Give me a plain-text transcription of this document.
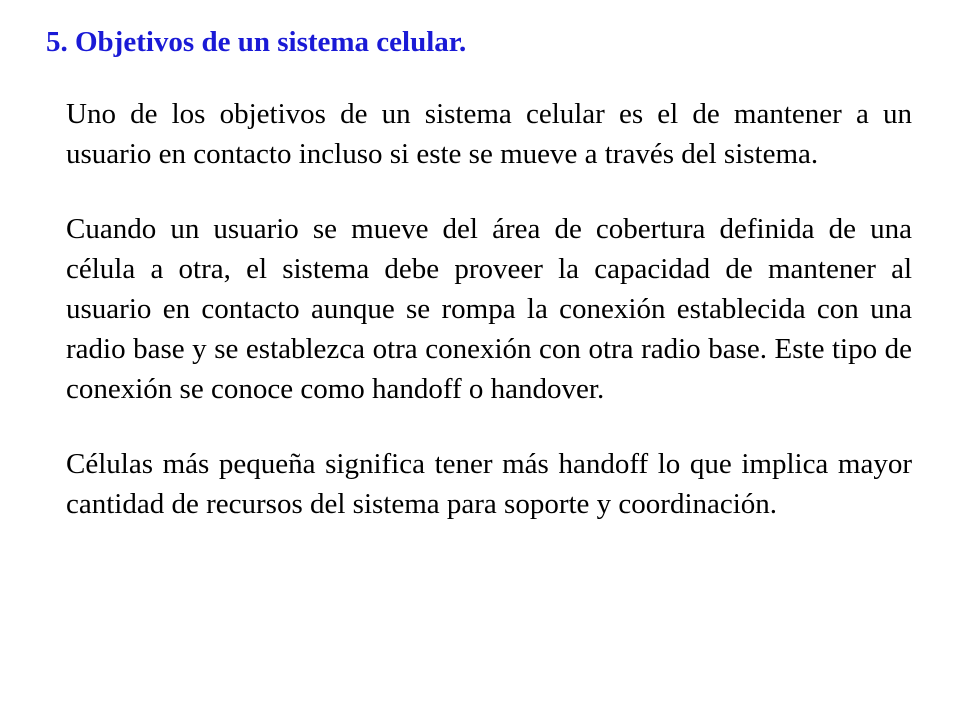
5. Objetivos de un sistema celular.

Uno de los objetivos de un sistema celular es el de mantener a un usuario en contacto incluso si este se mueve a través del sistema.

Cuando un usuario se mueve del área de cobertura definida de una célula a otra, el sistema debe proveer la capacidad de mantener al usuario en contacto aunque se rompa la conexión establecida con una radio base y se establezca otra conexión con otra radio base. Este tipo de conexión se conoce como handoff o handover.

Células más pequeña significa tener más handoff lo que implica mayor cantidad de recursos del sistema para soporte y coordinación.
